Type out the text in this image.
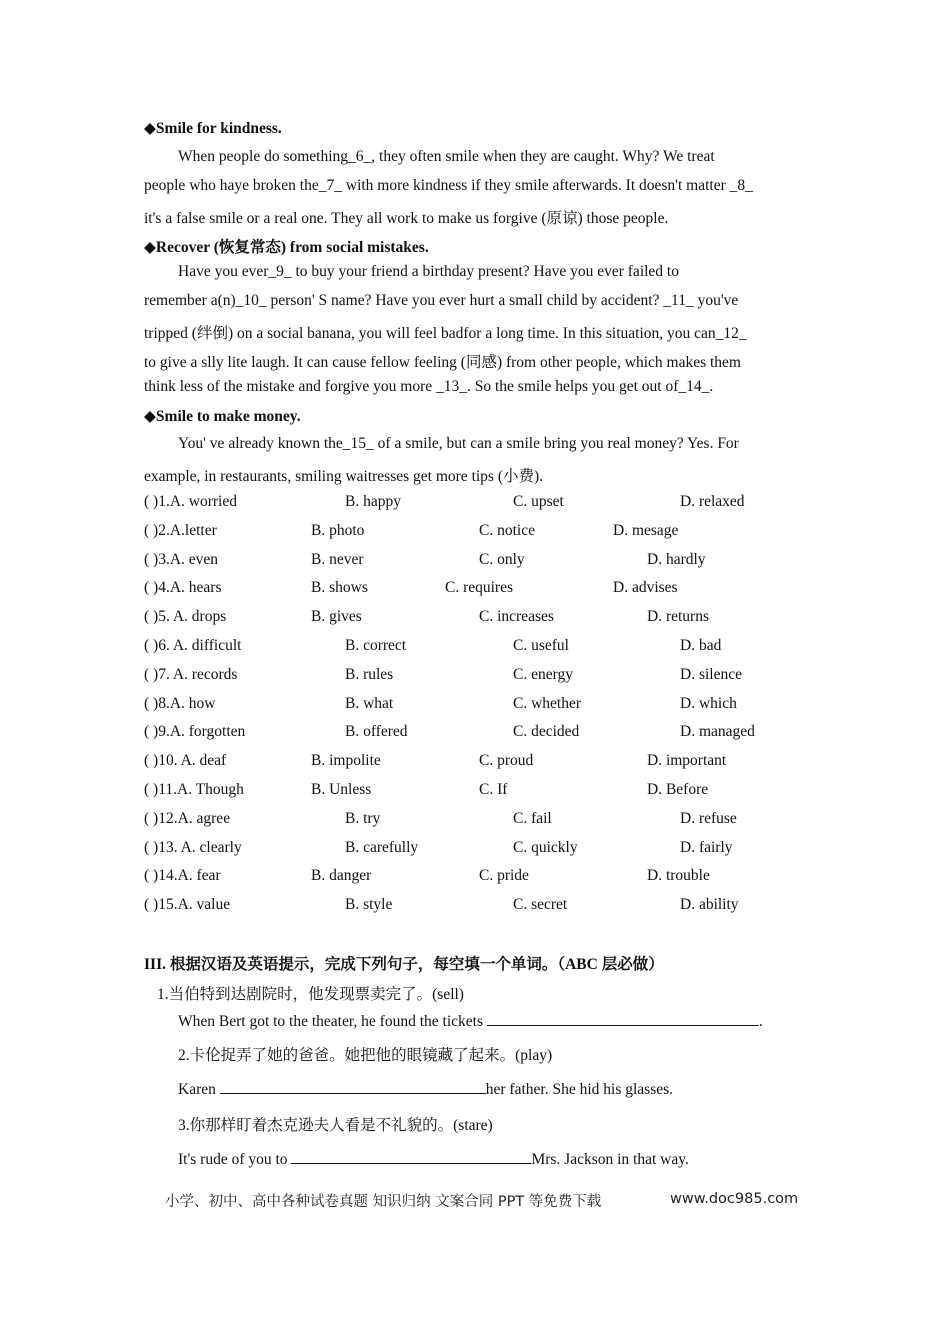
◆Smile for kindness.
When people do something_6_, they often smile when they are caught. Why? We treat
people who haye broken the_7_ with more kindness if they smile afterwards. It doesn't matter _8_
it's a false smile or a real one. They all work to make us forgive (原谅) those people.
◆Recover (恢复常态) from social mistakes.
Have you ever_9_ to buy your friend a birthday present? Have you ever failed to
remember a(n)_10_ person' S name? Have you ever hurt a small child by accident? _11_ you've
tripped (绊倒) on a social banana, you will feel badfor a long time. In this situation, you can_12_
to give a slly lite laugh. It can cause fellow feeling (同感) from other people, which makes them
think less of the mistake and forgive you more _13_. So the smile helps you get out of_14_.
◆Smile to make money.
You' ve already known the_15_ of a smile, but can a smile bring you real money? Yes. For
example, in restaurants, smiling waitresses get more tips (小费).
( )1.A. worried	B. happy	C. upset	D. relaxed
( )2.A.letter	B. photo	C. notice	D. mesage
( )3.A. even	B. never	C. only	D. hardly
( )4.A. hears	B. shows	C. requires	D. advises
( )5. A. drops	B. gives	C. increases	D. returns
( )6. A. difficult	B. correct	C. useful	D. bad
( )7. A. records	B. rules	C. energy	D. silence
( )8.A. how	B. what	C. whether	D. which
( )9.A. forgotten	B. offered	C. decided	D. managed
( )10. A. deaf	B. impolite	C. proud	D. important
( )11.A. Though	B. Unless	C. If	D. Before
( )12.A. agree	B. try	C. fail	D. refuse
( )13. A. clearly	B. carefully	C. quickly	D. fairly
( )14.A. fear	B. danger	C. pride	D. trouble
( )15.A. value	B. style	C. secret	D. ability
III. 根据汉语及英语提示，完成下列句子，每空填一个单词。（ABC 层必做）
1.当伯特到达剧院时，他发现票卖完了。(sell)
When Bert got to the theater, he found the tickets	.
2.卡伦捉弄了她的爸爸。她把他的眼镜藏了起来。(play)
Karen	her father. She hid his glasses.
3.你那样盯着杰克逊夫人看是不礼貌的。(stare)
It's rude of you to	Mrs. Jackson in that way.
小学、初中、高中各种试卷真题 知识归纳 文案合同 PPT 等免费下载	www.doc985.com
